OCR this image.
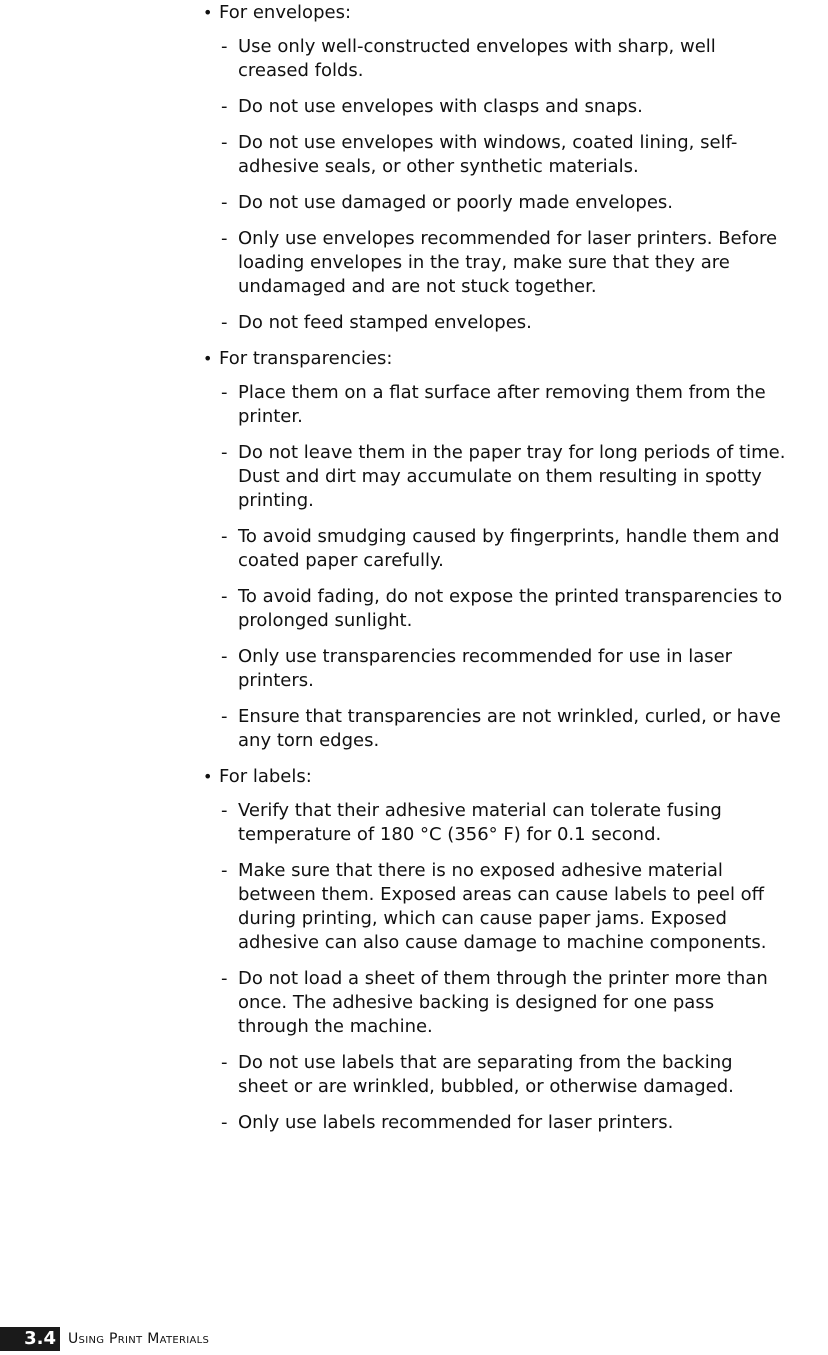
• For envelopes:
- Use only well-constructed envelopes with sharp, well
creased folds.
- Do not use envelopes with clasps and snaps.
- Do not use envelopes with windows, coated lining, self-
adhesive seals, or other synthetic materials.
- Do not use damaged or poorly made envelopes.
- Only use envelopes recommended for laser printers. Before
loading envelopes in the tray, make sure that they are
undamaged and are not stuck together.
- Do not feed stamped envelopes.
• For transparencies:
- Place them on a flat surface after removing them from the
printer.
- Do not leave them in the paper tray for long periods of time.
Dust and dirt may accumulate on them resulting in spotty
printing.
- To avoid smudging caused by fingerprints, handle them and
coated paper carefully.
- To avoid fading, do not expose the printed transparencies to
prolonged sunlight.
- Only use transparencies recommended for use in laser
printers.
- Ensure that transparencies are not wrinkled, curled, or have
any torn edges.
• For labels:
- Verify that their adhesive material can tolerate fusing
temperature of 180 °C (356° F) for 0.1 second.
- Make sure that there is no exposed adhesive material
between them. Exposed areas can cause labels to peel off
during printing, which can cause paper jams. Exposed
adhesive can also cause damage to machine components.
- Do not load a sheet of them through the printer more than
once. The adhesive backing is designed for one pass
through the machine.
- Do not use labels that are separating from the backing
sheet or are wrinkled, bubbled, or otherwise damaged.
- Only use labels recommended for laser printers.
3.4 Using Print Materials
